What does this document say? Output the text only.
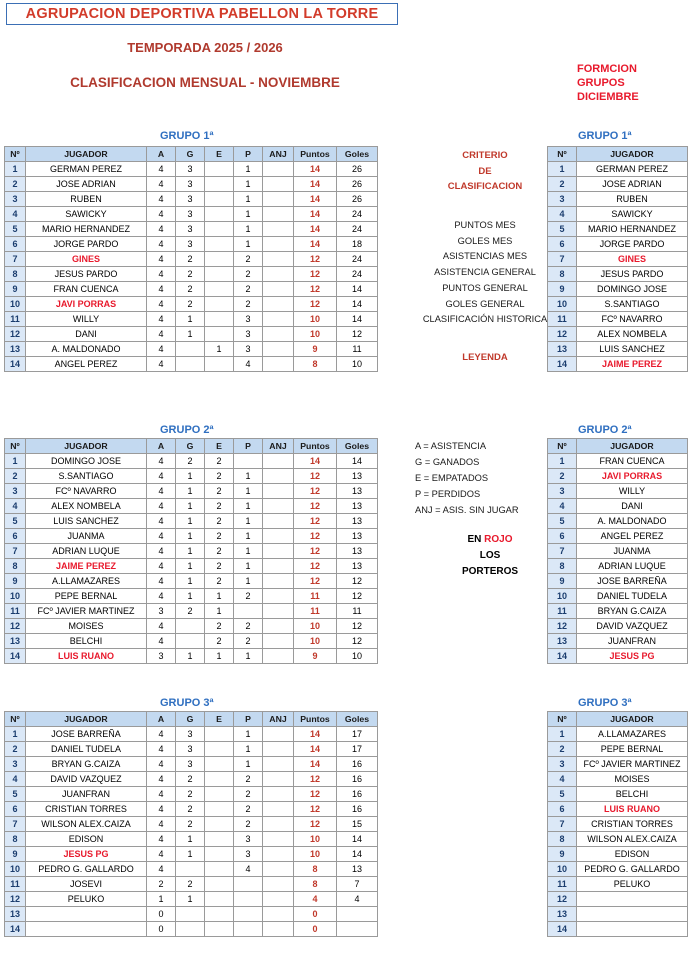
AGRUPACION DEPORTIVA PABELLON LA TORRE
TEMPORADA 2025 / 2026
CLASIFICACION MENSUAL - NOVIEMBRE
FORMCION
GRUPOS
DICIEMBRE
GRUPO 1ª
GRUPO 2ª
GRUPO 3ª
GRUPO 1ª
GRUPO 2ª
GRUPO 3ª
Nº	JUGADOR	A	G	E	P	ANJ	Puntos	Goles
1	GERMAN PEREZ	4	3		1		14	26
2	JOSE ADRIAN	4	3		1		14	26
3	RUBEN	4	3		1		14	26
4	SAWICKY	4	3		1		14	24
5	MARIO HERNANDEZ	4	3		1		14	24
6	JORGE PARDO	4	3		1		14	18
7	GINES	4	2		2		12	24
8	JESUS PARDO	4	2		2		12	24
9	FRAN CUENCA	4	2		2		12	14
10	JAVI PORRAS	4	2		2		12	14
11	WILLY	4	1		3		10	14
12	DANI	4	1		3		10	12
13	A. MALDONADO	4		1	3		9	11
14	ANGEL PEREZ	4			4		8	10
Nº	JUGADOR	A	G	E	P	ANJ	Puntos	Goles
1	DOMINGO JOSE	4	2	2			14	14
2	S.SANTIAGO	4	1	2	1		12	13
3	FCº NAVARRO	4	1	2	1		12	13
4	ALEX NOMBELA	4	1	2	1		12	13
5	LUIS SANCHEZ	4	1	2	1		12	13
6	JUANMA	4	1	2	1		12	13
7	ADRIAN LUQUE	4	1	2	1		12	13
8	JAIME PEREZ	4	1	2	1		12	13
9	A.LLAMAZARES	4	1	2	1		12	12
10	PEPE BERNAL	4	1	1	2		11	12
11	FCº JAVIER MARTINEZ	3	2	1			11	11
12	MOISES	4		2	2		10	12
13	BELCHI	4		2	2		10	12
14	LUIS RUANO	3	1	1	1		9	10
Nº	JUGADOR	A	G	E	P	ANJ	Puntos	Goles
1	JOSE BARREÑA	4	3		1		14	17
2	DANIEL TUDELA	4	3		1		14	17
3	BRYAN G.CAIZA	4	3		1		14	16
4	DAVID VAZQUEZ	4	2		2		12	16
5	JUANFRAN	4	2		2		12	16
6	CRISTIAN TORRES	4	2		2		12	16
7	WILSON ALEX.CAIZA	4	2		2		12	15
8	EDISON	4	1		3		10	14
9	JESUS PG	4	1		3		10	14
10	PEDRO G. GALLARDO	4			4		8	13
11	JOSEVI	2	2				8	7
12	PELUKO	1	1				4	4
13		0					0	
14		0					0	
Nº	JUGADOR
1	GERMAN PEREZ
2	JOSE ADRIAN
3	RUBEN
4	SAWICKY
5	MARIO HERNANDEZ
6	JORGE PARDO
7	GINES
8	JESUS PARDO
9	DOMINGO JOSE
10	S.SANTIAGO
11	FCº NAVARRO
12	ALEX NOMBELA
13	LUIS SANCHEZ
14	JAIME PEREZ
Nº	JUGADOR
1	FRAN CUENCA
2	JAVI PORRAS
3	WILLY
4	DANI
5	A. MALDONADO
6	ANGEL PEREZ
7	JUANMA
8	ADRIAN LUQUE
9	JOSE BARREÑA
10	DANIEL TUDELA
11	BRYAN G.CAIZA
12	DAVID VAZQUEZ
13	JUANFRAN
14	JESUS PG
Nº	JUGADOR
1	A.LLAMAZARES
2	PEPE BERNAL
3	FCº JAVIER MARTINEZ
4	MOISES
5	BELCHI
6	LUIS RUANO
7	CRISTIAN TORRES
8	WILSON ALEX.CAIZA
9	EDISON
10	PEDRO G. GALLARDO
11	PELUKO
12	
13	
14	
CRITERIO
DE
CLASIFICACION
PUNTOS MES
GOLES MES
ASISTENCIAS MES
ASISTENCIA GENERAL
PUNTOS GENERAL
GOLES GENERAL
CLASIFICACIÓN HISTORICA
LEYENDA
A = ASISTENCIA
G = GANADOS
E = EMPATADOS
P = PERDIDOS
ANJ = ASIS. SIN JUGAR
EN ROJO
LOS
PORTEROS
